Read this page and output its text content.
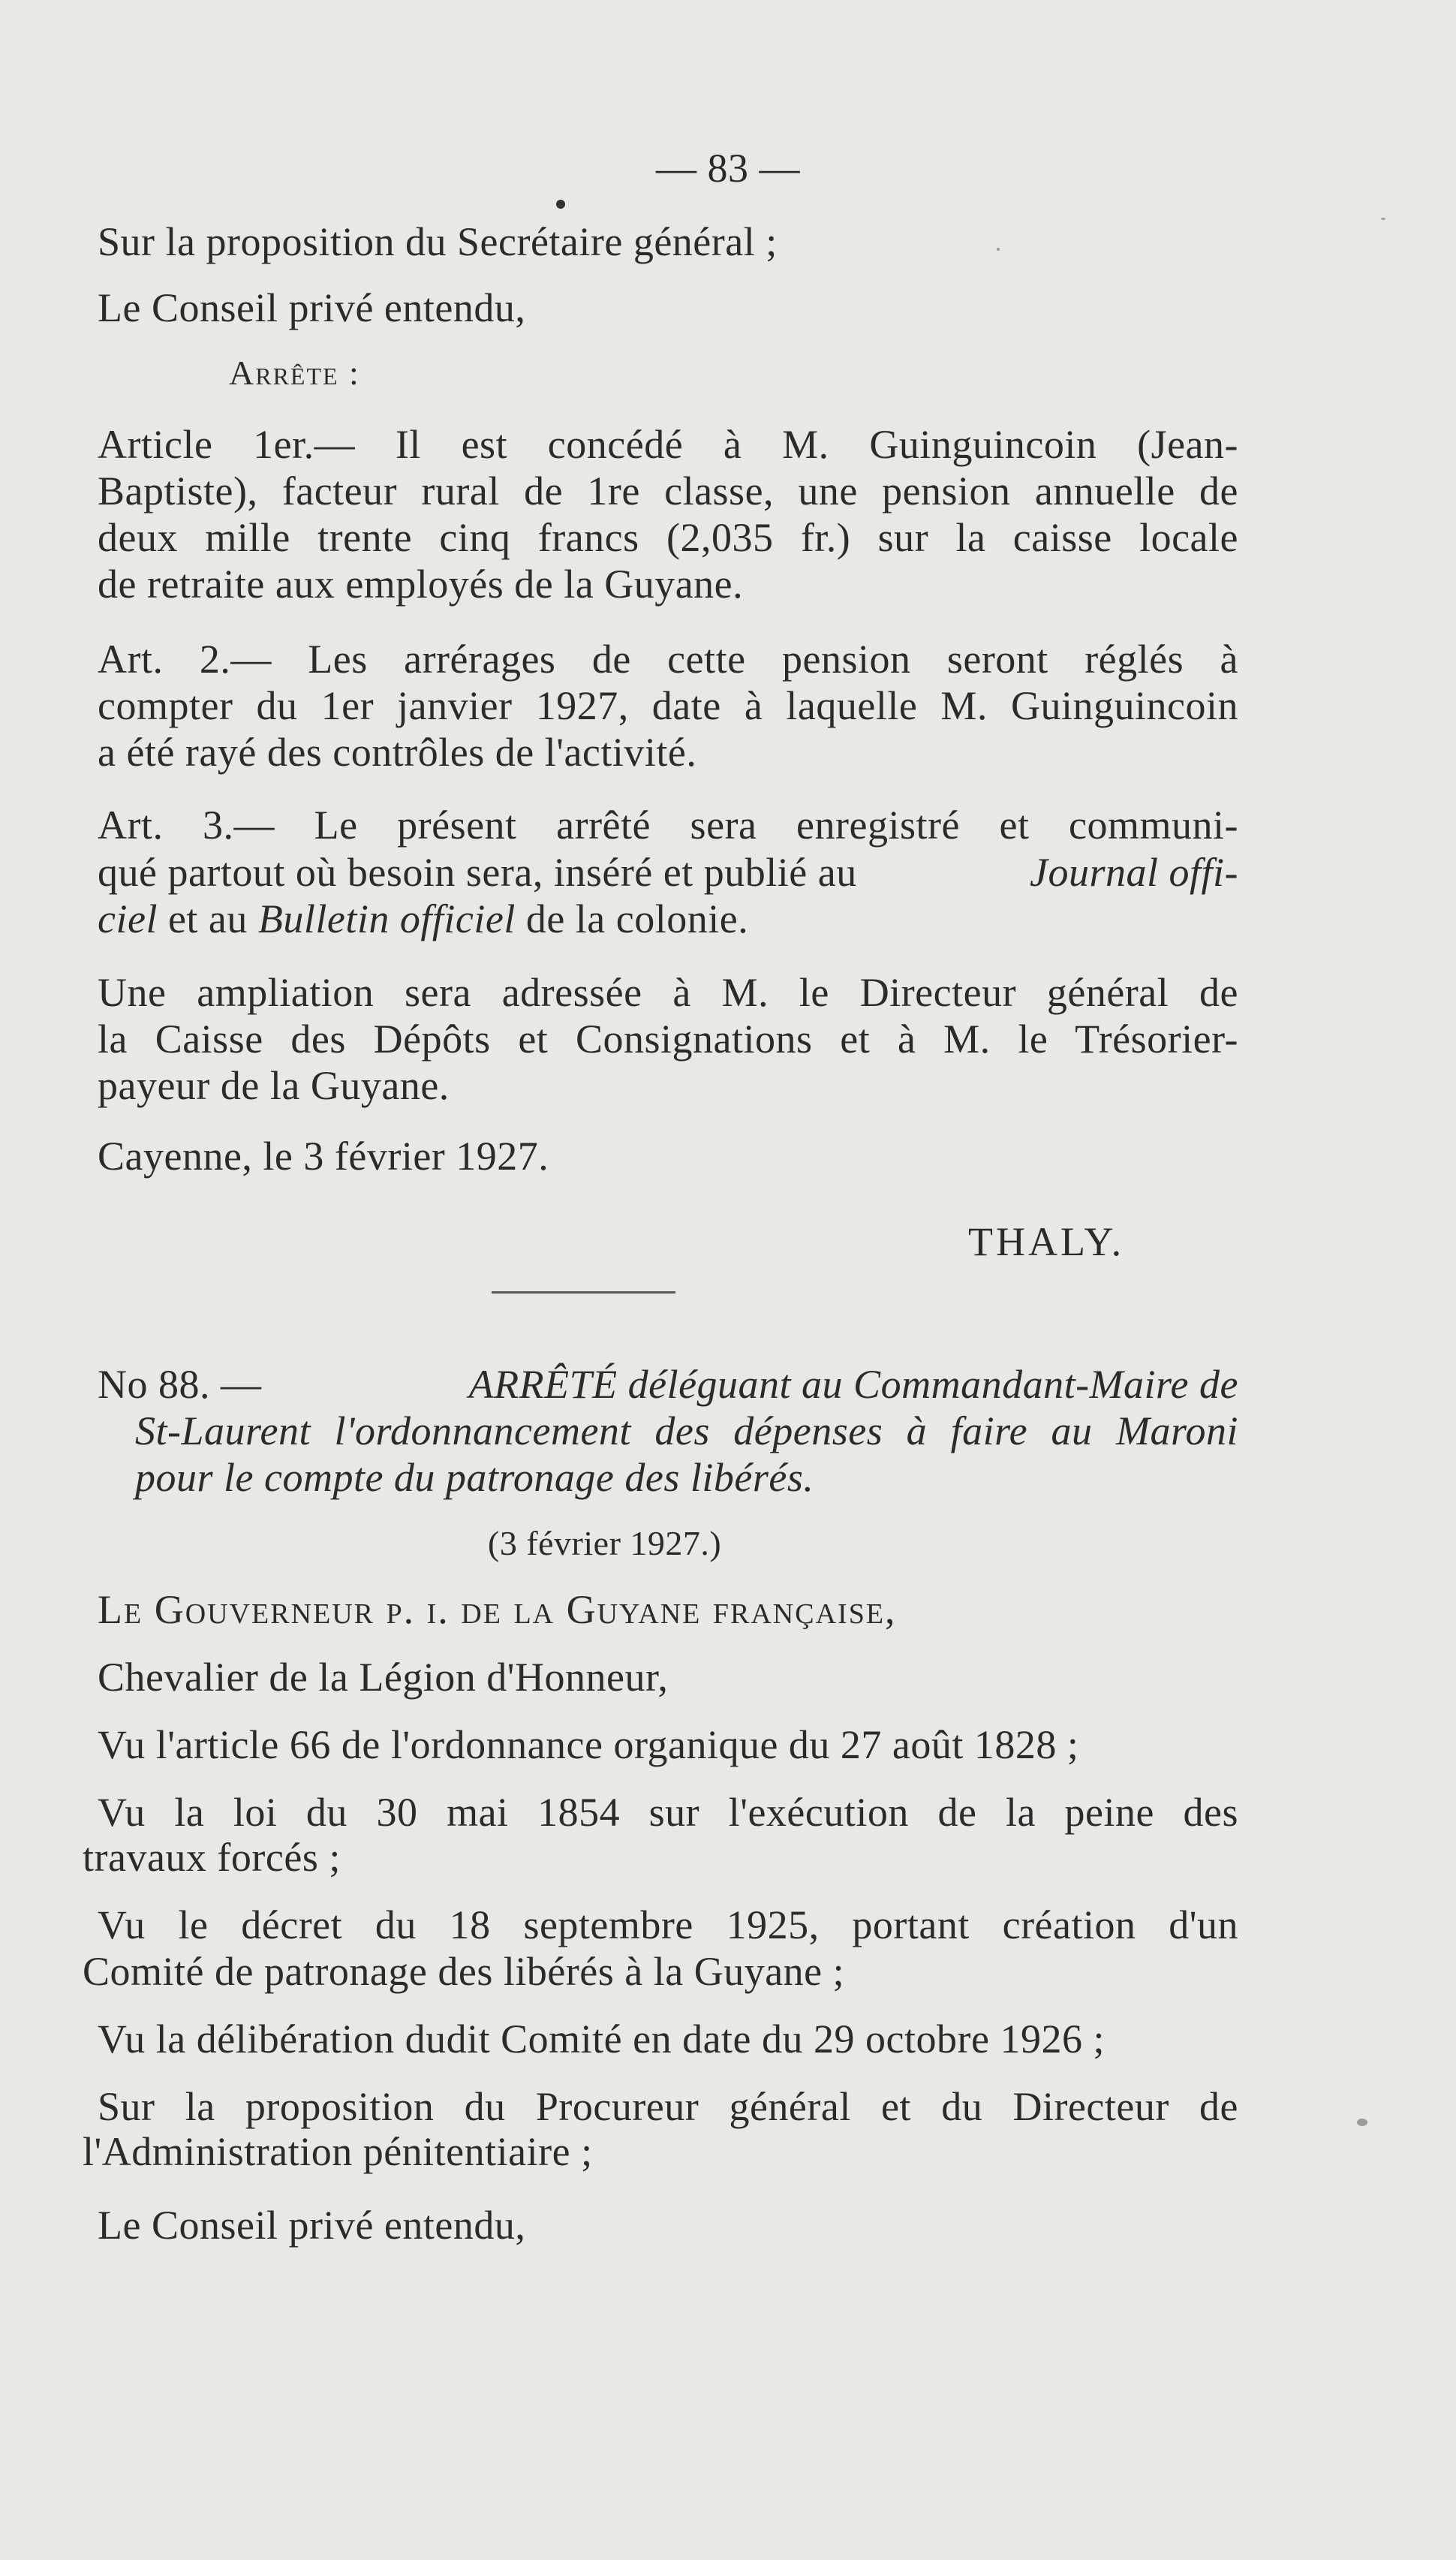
— 83 —
Sur la proposition du Secrétaire général ;
Le Conseil privé entendu,
Arrête :
Article 1er.— Il est concédé à M. Guinguincoin (Jean-
Baptiste), facteur rural de 1re classe, une pension annuelle de
deux mille trente cinq francs (2,035 fr.) sur la caisse locale
de retraite aux employés de la Guyane.
Art. 2.— Les arrérages de cette pension seront réglés à
compter du 1er janvier 1927, date à laquelle M. Guinguincoin
a été rayé des contrôles de l'activité.
Art. 3.— Le présent arrêté sera enregistré et communi-
qué partout où besoin sera, inséré et publié au	Journal offi-
ciel et au Bulletin officiel de la colonie.
Une ampliation sera adressée à M. le Directeur général de
la Caisse des Dépôts et Consignations et à M. le Trésorier-
payeur de la Guyane.
Cayenne, le 3 février 1927.
THALY.
No 88. —	ARRÊTÉ déléguant au Commandant-Maire de
St-Laurent l'ordonnancement des dépenses à faire au Maroni
pour le compte du patronage des libérés.
(3 février 1927.)
Le Gouverneur p. i. de la Guyane française,
Chevalier de la Légion d'Honneur,
Vu l'article 66 de l'ordonnance organique du 27 août 1828 ;
Vu la loi du 30 mai 1854 sur l'exécution de la peine des
travaux forcés ;
Vu le décret du 18 septembre 1925, portant création d'un
Comité de patronage des libérés à la Guyane ;
Vu la délibération dudit Comité en date du 29 octobre 1926 ;
Sur la proposition du Procureur général et du Directeur de
l'Administration pénitentiaire ;
Le Conseil privé entendu,
